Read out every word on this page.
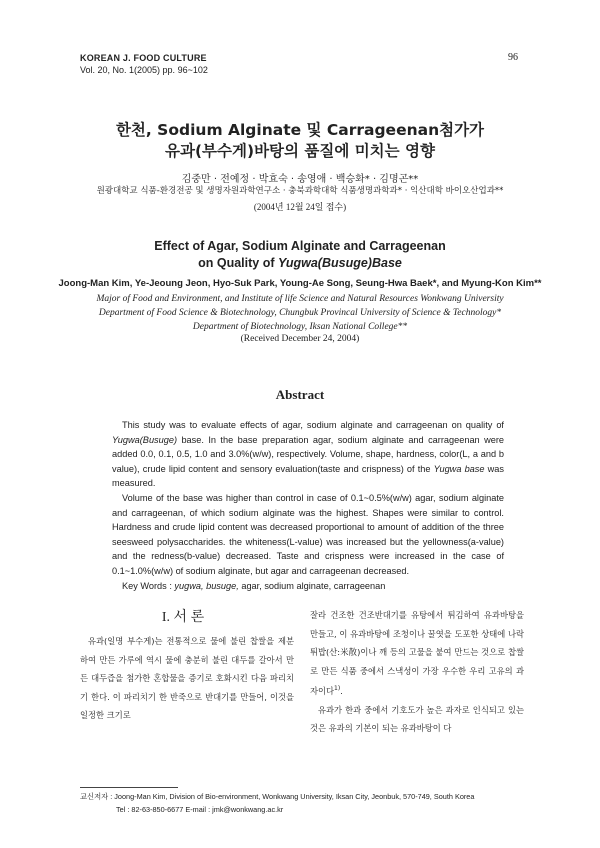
KOREAN J. FOOD CULTURE
Vol. 20, No. 1(2005) pp. 96~102
96
한천, Sodium Alginate 및 Carrageenan첨가가
유과(부수게)바탕의 품질에 미치는 영향
김중만 · 전예정 · 박효숙 · 송영애 · 백승화* · 김명곤**
원광대학교 식품-환경전공 및 생명자원과학연구소 · 충북과학대학 식품생명과학과* · 익산대학 바이오산업과**
(2004년 12월 24일 접수)
Effect of Agar, Sodium Alginate and Carrageenan
on Quality of Yugwa(Busuge)Base
Joong-Man Kim, Ye-Jeoung Jeon, Hyo-Suk Park, Young-Ae Song, Seung-Hwa Baek*, and Myung-Kon Kim**
Major of Food and Environment, and Institute of life Science and Natural Resources Wonkwang University
Department of Food Science & Biotechnology, Chungbuk Provincal University of Science & Technology*
Department of Biotechnology, Iksan National College**
(Received December 24, 2004)
Abstract

This study was to evaluate effects of agar, sodium alginate and carrageenan on quality of Yugwa(Busuge) base. In the base preparation agar, sodium alginate and carrageenan were added 0.0, 0.1, 0.5, 1.0 and 3.0%(w/w), respectively. Volume, shape, hardness, color(L, a and b value), crude lipid content and sensory evaluation(taste and crispness) of the Yugwa base was measured.

Volume of the base was higher than control in case of 0.1~0.5%(w/w) agar, sodium alginate and carrageenan, of which sodium alginate was the highest. Shapes were similar to control. Hardness and crude lipid content was decreased proportional to amount of addition of the three seesweed polysaccharides. the whiteness(L-value) was increased but the yellowness(a-value) and the redness(b-value) decreased. Taste and crispness were increased in the case of 0.1~1.0%(w/w) of sodium alginate, but agar and carrageenan decreased.

Key Words : yugwa, busuge, agar, sodium alginate, carrageenan

I. 서 론

유과(일명 부수게)는 전통적으로 물에 불린 찹쌀을 제분하여 만든 가루에 역시 물에 충분히 불린 대두를 갈아서 만든 대두즙을 첨가한 혼합물을 증기로 호화시킨 다음 파리치기 한다. 이 파리치기 한 반죽으로 반대기를 만들어, 이것을 일정한 크기로

잘라 건조한 건조반대기를 유탕에서 튀김하여 유과바탕을 만들고, 이 유과바탕에 조청이나 꿀엿을 도포한 상태에 나락 튀밥(산:米散)이나 깨 등의 고물을 붙여 만드는 것으로 찹쌀로 만든 식품 중에서 스낵성이 가장 우수한 우리 고유의 과자이다$^{1)}$.

유과가 한과 중에서 기호도가 높은 과자로 인식되고 있는 것은 유과의 기본이 되는 유과바탕이 다

교신저자 : Joong-Man Kim, Division of Bio-environment, Wonkwang University, Iksan City, Jeonbuk, 570-749, South Korea
Tel : 82-63-850-6677 E-mail : jmk@wonkwang.ac.kr
